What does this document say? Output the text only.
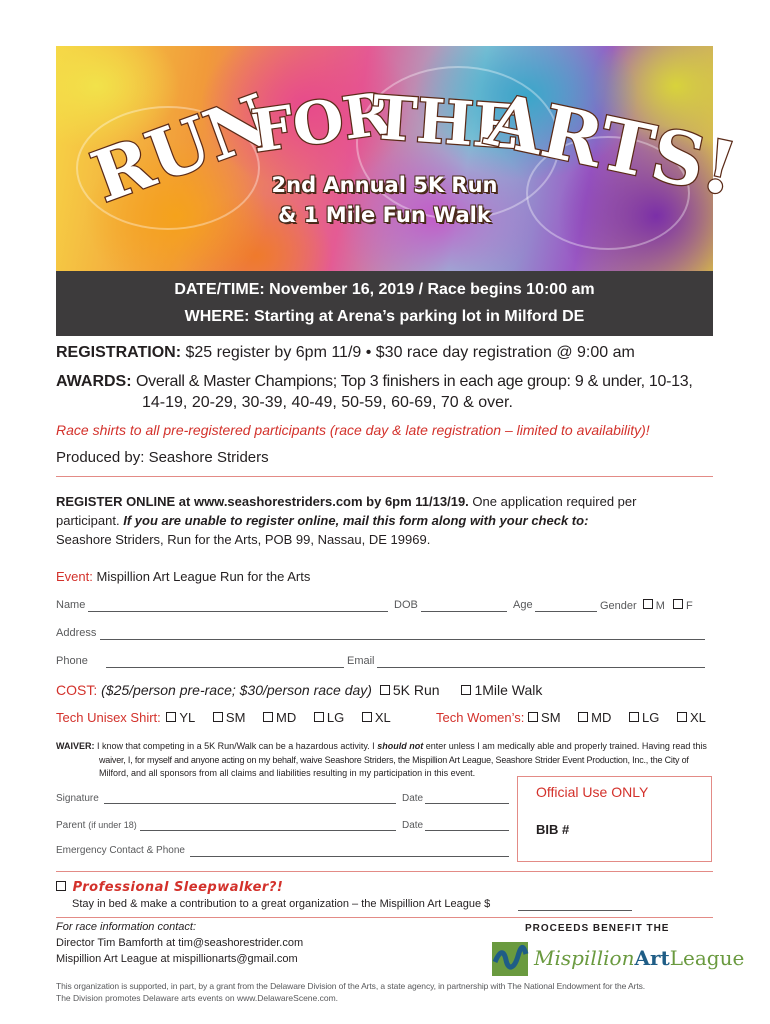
RUN
FOR
THE
ARTS!
2nd Annual 5K Run
& 1 Mile Fun Walk
DATE/TIME: November 16, 2019 / Race begins 10:00 am
WHERE: Starting at Arena’s parking lot in Milford DE
REGISTRATION: $25 register by 6pm 11/9 • $30 race day registration @ 9:00 am
AWARDS: Overall & Master Champions; Top 3 finishers in each age group: 9 & under, 10-13,
14-19, 20-29, 30-39, 40-49, 50-59, 60-69, 70 & over.
Race shirts to all pre-registered participants (race day & late registration – limited to availability)!
Produced by: Seashore Striders
REGISTER ONLINE at www.seashorestriders.com by 6pm 11/13/19. One application required per
participant. If you are unable to register online, mail this form along with your check to:
Seashore Striders, Run for the Arts, POB 99, Nassau, DE 19969.
Event: Mispillion Art League Run for the Arts
Name	DOB	Age	Gender M F
Address
Phone	Email
COST: ($25/person pre-race; $30/person race day) 5K Run 1Mile Walk
Tech Unisex Shirt: YL SM MD LG XL	Tech Women’s: SM MD LG XL
WAIVER: I know that competing in a 5K Run/Walk can be a hazardous activity. I should not enter unless I am medically able and properly trained. Having read this
waiver, I, for myself and anyone acting on my behalf, waive Seashore Striders, the Mispillion Art League, Seashore Strider Event Production, Inc., the City of
Milford, and all sponsors from all claims and liabilities resulting in my participation in this event.
Signature	Date
Parent (if under 18)	Date
Emergency Contact & Phone
Official Use ONLY
BIB #
Professional Sleepwalker?!
Stay in bed & make a contribution to a great organization – the Mispillion Art League $
For race information contact:
Director Tim Bamforth at tim@seashorestrider.com
Mispillion Art League at mispillionarts@gmail.com
PROCEEDS BENEFIT THE
MispillionArtLeague
This organization is supported, in part, by a grant from the Delaware Division of the Arts, a state agency, in partnership with The National Endowment for the Arts.
The Division promotes Delaware arts events on www.DelawareScene.com.
